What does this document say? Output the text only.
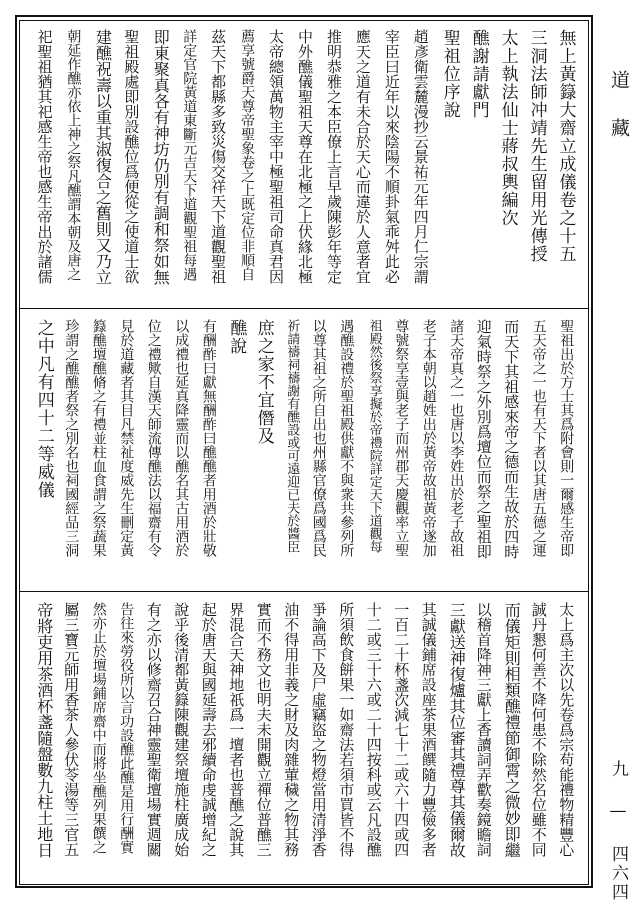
無上黃籙大齋立成儀卷之十五
三洞法師冲靖先生留用光傳授
太上執法仙士蔣叔輿編次
醮謝請獻門
聖祖位序說
趙彥衛雲麓漫抄云景祐元年四月仁宗謂
宰臣曰近年以來陰陽不順卦氣乖舛此必
應天之道有未合於天心而違於人意者宜
推明恭雅之本臣僚上言早歲陳彭年等定
中外醮儀聖祖天尊在北極之上伏緣北極
太帝總領萬物主宰中極聖祖司命真君因
薦享號爵天尊帝聖象卷之上既定位非順自
茲天下都縣多致災傷交祥天下道觀聖祖
詳定官院黃道東斷元吉天下道觀聖祖每遇
即東聚真各有神坊仍別有調和祭如無
聖祖殿處即別設醮位爲便從之使道士欲
建醮祝壽以重其淑復合之舊則又乃立
朝延作醮亦依上神之祭凡醮謂本朝及唐之
祀聖祖猶其祀感生帝也感生帝出於諸儒
聖祖出於方士其爲附會則一爾感生帝即
五天帝之一也有天下者以其唐五德之運
而天下其祖感來帝之德而生故於四時
迎氣時祭之外別爲壇位而祭之聖祖即
諸天帝真之一也唐以李姓出於老子故祖
老子本朝以趙姓出於黃帝故祖黃帝遂加
尊號祭享壹與老子而州郡天慶觀率立聖
祖殿然後祭享擬於帝禮院詳定天下道觀每
遇醮設禮於聖祖殿供獻不與衆共參列所
以尊其祖之所自出也州縣官僚爲國爲民
祈請禱祠禱謝有醮設或可遠迎已夫於醬臣
庶之家不宜僭及
醮說
有酬酢曰獻無酬酢曰醮醮者用酒於壯敬
以成禮也延真降靈而以醮名其古用酒於
位之禮歟自漢天師流傳醮法以福齋有令
見於道藏者其目凡禁祉度威先生刪定黃
籙醮壇醮脩之有禮並柱血食謂之祭蔬果
珍謂之醮醮者祭之別名也祠國經品三洞
之中凡有四十二等威儀
太上爲主次以先卷爲宗苟能禮物精豐心
誠丹懇何善不降何患不除然名位雖不同
而儀矩則相類醮禮節御霄之微妙即繼
以稽首降神三獻上香讀詞弄歡奏鏡瞻詞
三獻送神復爐其位審其禮尊其儀爾故
其誠儀鋪席設座茶果酒饌隨力豐儉多者
一百二十杯盞次減七十二或六十四或四
十二或三十六或二十四按科或云凡設醮
所須飲食餅果一如齋法若須市買皆不得
爭論高下及尸虛竊盜之物燈當用清淨香
油不得用非義之財及肉雜葷穢之物其務
實而不務文也明夫未開觀立禪位普醮三
界混合天神地祇爲一壇者也普醮之說其
起於唐天與國延壽去邪續命虔誠增紀之
說乎後清都黃籙陳觀建祭壇施柱廣成始
有之亦以修齋召合神靈聖衛壇場實週關
告往來勞役所以言功設醮此醮是用行酬實
然亦止於壇場鋪席齋中而將坐醮列果饌之
屬三寶元師用香茶人參伏苓湯等三官五
帝將吏用茶酒杯盞隨盤數九柱土地日
道　藏
九 — 四六四
